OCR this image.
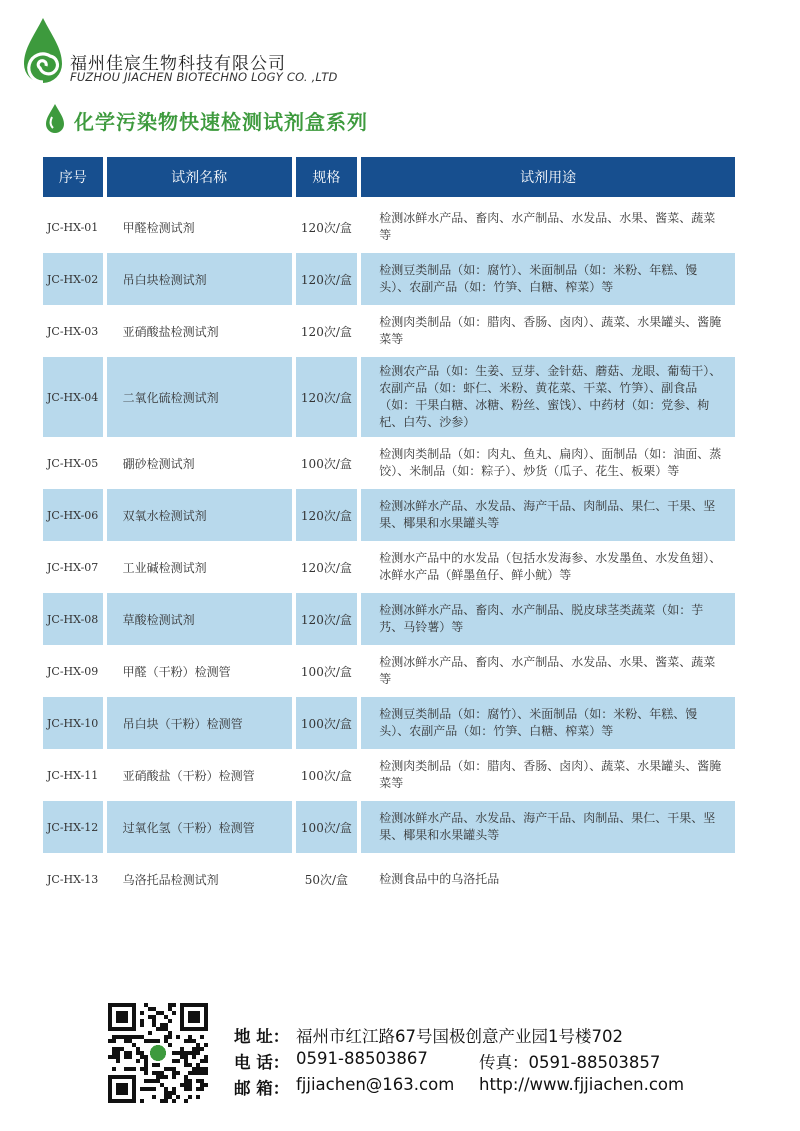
福州佳宸生物科技有限公司
FUZHOU JIACHEN BIOTECHNO LOGY CO. ,LTD
化学污染物快速检测试剂盒系列
序号	试剂名称	规格	试剂用途
JC-HX-01	甲醛检测试剂	120次/盒
检测冰鲜水产品、畜肉、水产制品、水发品、水果、酱菜、蔬菜等
JC-HX-02	吊白块检测试剂	120次/盒
检测豆类制品（如：腐竹）、米面制品（如：米粉、年糕、馒头）、农副产品（如：竹笋、白糖、榨菜）等
JC-HX-03	亚硝酸盐检测试剂	120次/盒
检测肉类制品（如：腊肉、香肠、卤肉）、蔬菜、水果罐头、酱腌菜等
JC-HX-04	二氧化硫检测试剂	120次/盒
检测农产品（如：生姜、豆芽、金针菇、蘑菇、龙眼、葡萄干）、农副产品（如：虾仁、米粉、黄花菜、干菜、竹笋）、副食品（如：干果白糖、冰糖、粉丝、蜜饯）、中药材（如：党参、枸杞、白芍、沙参）
JC-HX-05	硼砂检测试剂	100次/盒
检测肉类制品（如：肉丸、鱼丸、扁肉）、面制品（如：油面、蒸饺）、米制品（如：粽子）、炒货（瓜子、花生、板栗）等
JC-HX-06	双氧水检测试剂	120次/盒
检测冰鲜水产品、水发品、海产干品、肉制品、果仁、干果、坚果、椰果和水果罐头等
JC-HX-07	工业碱检测试剂	120次/盒
检测水产品中的水发品（包括水发海参、水发墨鱼、水发鱼翅）、冰鲜水产品（鲜墨鱼仔、鲜小鱿）等
JC-HX-08	草酸检测试剂	120次/盒
检测冰鲜水产品、畜肉、水产制品、脱皮球茎类蔬菜（如：芋艿、马铃薯）等
JC-HX-09	甲醛（干粉）检测管	100次/盒
检测冰鲜水产品、畜肉、水产制品、水发品、水果、酱菜、蔬菜等
JC-HX-10	吊白块（干粉）检测管	100次/盒
检测豆类制品（如：腐竹）、米面制品（如：米粉、年糕、馒头）、农副产品（如：竹笋、白糖、榨菜）等
JC-HX-11	亚硝酸盐（干粉）检测管	100次/盒
检测肉类制品（如：腊肉、香肠、卤肉）、蔬菜、水果罐头、酱腌菜等
JC-HX-12	过氧化氢（干粉）检测管	100次/盒
检测冰鲜水产品、水发品、海产干品、肉制品、果仁、干果、坚果、椰果和水果罐头等
JC-HX-13	乌洛托品检测试剂	50次/盒	检测食品中的乌洛托品
地 址： 福州市红江路67号国极创意产业园1号楼702
电 话： 0591-88503867	传真：0591-88503857
邮 箱： fjjiachen@163.com http://www.fjjiachen.com
